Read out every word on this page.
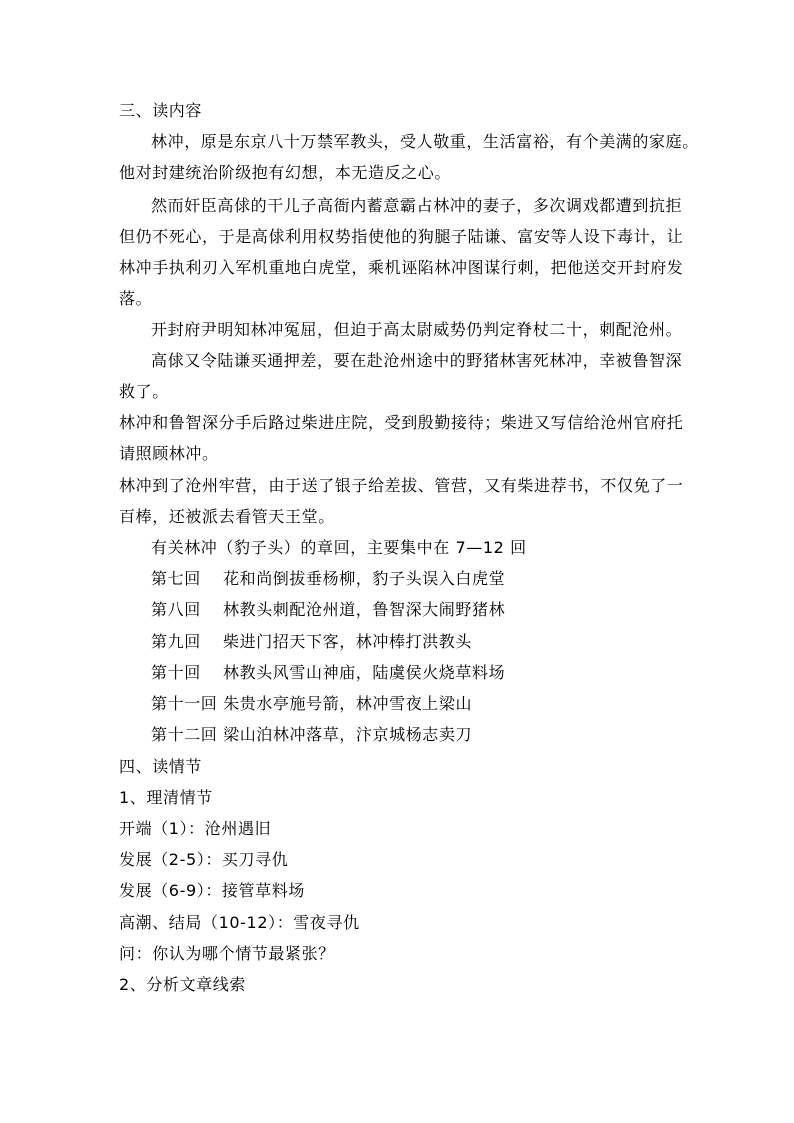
三、读内容
林冲，原是东京八十万禁军教头，受人敬重，生活富裕，有个美满的家庭。
他对封建统治阶级抱有幻想，本无造反之心。
然而奸臣高俅的干儿子高衙内蓄意霸占林冲的妻子，多次调戏都遭到抗拒
但仍不死心，于是高俅利用权势指使他的狗腿子陆谦、富安等人设下毒计，让
林冲手执利刃入军机重地白虎堂，乘机诬陷林冲图谋行刺，把他送交开封府发
落。
开封府尹明知林冲冤屈，但迫于高太尉威势仍判定脊杖二十，刺配沧州。
高俅又令陆谦买通押差，要在赴沧州途中的野猪林害死林冲，幸被鲁智深
救了。
林冲和鲁智深分手后路过柴进庄院，受到殷勤接待；柴进又写信给沧州官府托
请照顾林冲。
林冲到了沧州牢营，由于送了银子给差拔、管营，又有柴进荐书，不仅免了一
百棒，还被派去看管天王堂。
有关林冲（豹子头）的章回，主要集中在 7—12 回
第七回 花和尚倒拔垂杨柳，豹子头误入白虎堂
第八回 林教头刺配沧州道，鲁智深大闹野猪林
第九回 柴进门招天下客，林冲棒打洪教头
第十回 林教头风雪山神庙，陆虞侯火烧草料场
第十一回 朱贵水亭施号箭，林冲雪夜上梁山
第十二回 梁山泊林冲落草，汴京城杨志卖刀
四、读情节
1、理清情节
开端（1）：沧州遇旧
发展（2-5）：买刀寻仇
发展（6-9）：接管草料场
高潮、结局（10-12）：雪夜寻仇
问：你认为哪个情节最紧张？
2、分析文章线索
